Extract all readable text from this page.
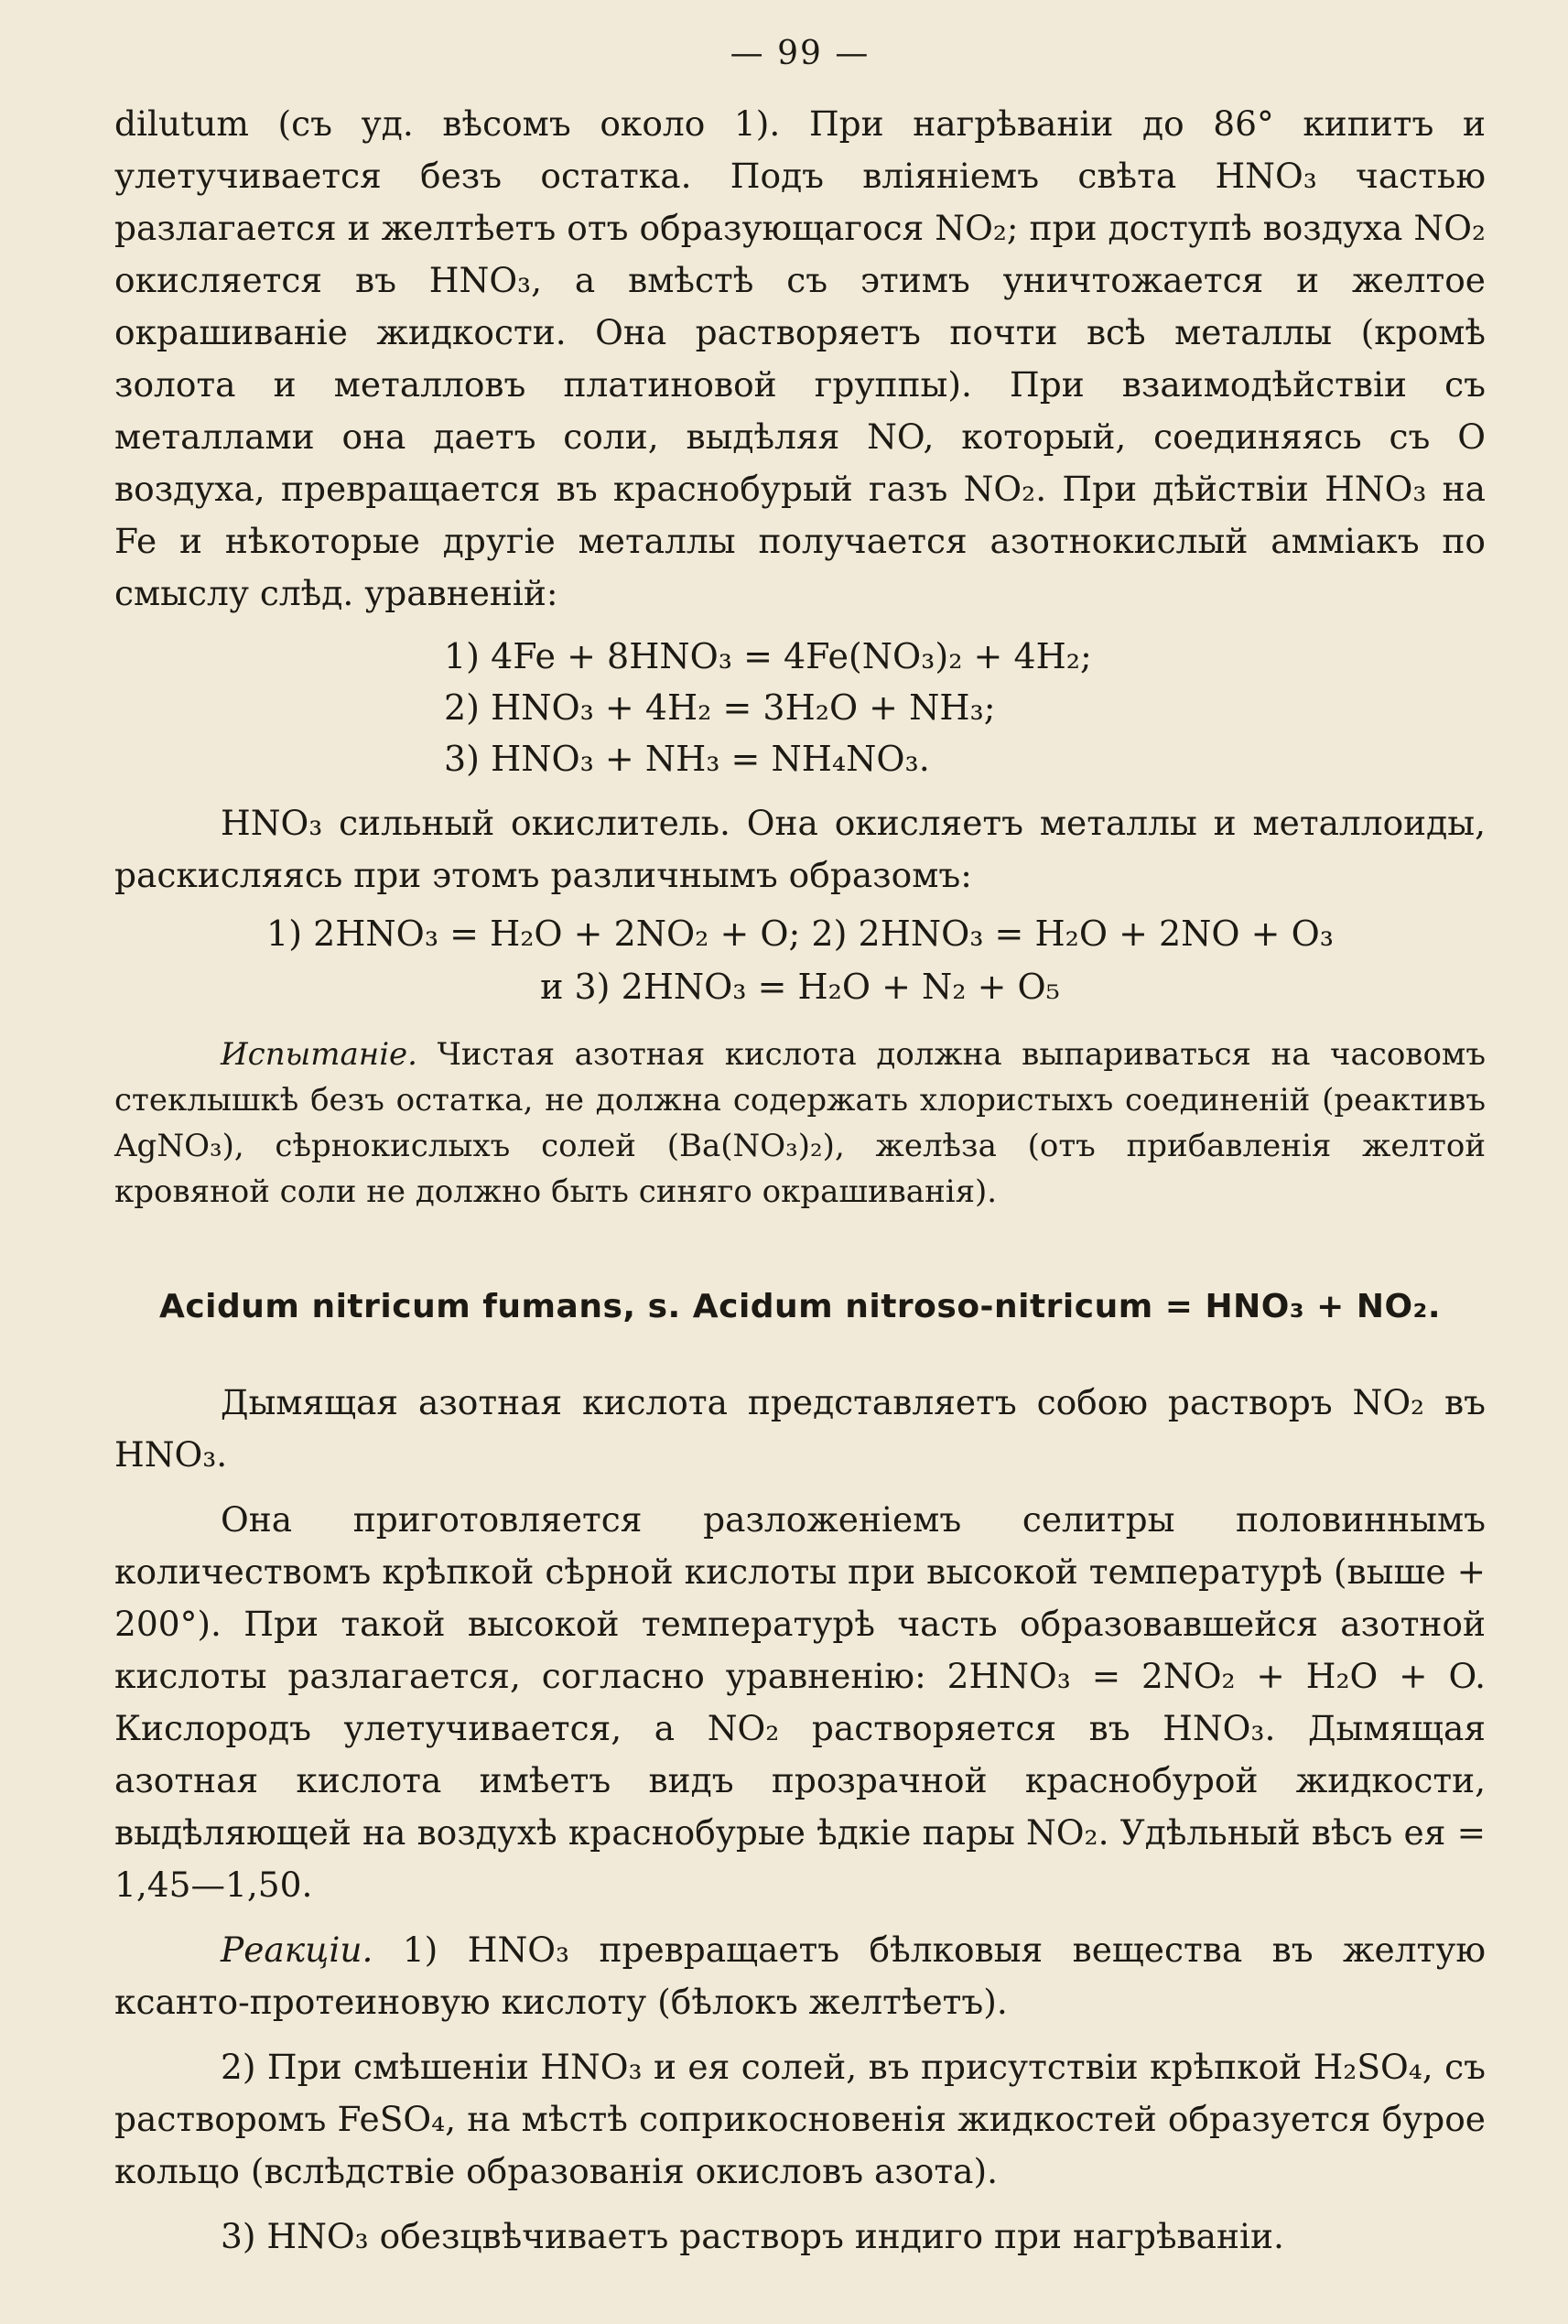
— 99 —

dilutum (съ уд. вѣсомъ около 1). При нагрѣваніи до 86° кипитъ и улетучивается безъ остатка. Подъ вліяніемъ свѣта HNO₃ частью разлагается и желтѣетъ отъ образующагося NO₂; при доступѣ воздуха NO₂ окисляется въ HNO₃, а вмѣстѣ съ этимъ уничтожается и желтое окрашиваніе жидкости. Она растворяетъ почти всѣ металлы (кромѣ золота и металловъ платиновой группы). При взаимодѣйствіи съ металлами она даетъ соли, выдѣляя NO, который, соединяясь съ О воздуха, превращается въ краснобурый газъ NO₂. При дѣйствіи HNO₃ на Fe и нѣкоторые другіе металлы получается азотнокислый амміакъ по смыслу слѣд. уравненій:

1) 4Fe + 8HNO₃ = 4Fe(NO₃)₂ + 4H₂;
2) HNO₃ + 4H₂ = 3H₂O + NH₃;
3) HNO₃ + NH₃ = NH₄NO₃.

HNO₃ сильный окислитель. Она окисляетъ металлы и металлоиды, раскисляясь при этомъ различнымъ образомъ:

1) 2HNO₃ = H₂O + 2NO₂ + O; 2) 2HNO₃ = H₂O + 2NO + O₃
и 3) 2HNO₃ = H₂O + N₂ + O₅

Испытаніе. Чистая азотная кислота должна выпариваться на часовомъ стеклышкѣ безъ остатка, не должна содержать хлористыхъ соединеній (реактивъ AgNO₃), сѣрнокислыхъ солей (Ba(NO₃)₂), желѣза (отъ прибавленія желтой кровяной соли не должно быть синяго окрашиванія).

Acidum nitricum fumans, s. Acidum nitroso-nitricum = HNO₃ + NO₂.

Дымящая азотная кислота представляетъ собою растворъ NO₂ въ HNO₃.

Она приготовляется разложеніемъ селитры половиннымъ количествомъ крѣпкой сѣрной кислоты при высокой температурѣ (выше + 200°). При такой высокой температурѣ часть образовавшейся азотной кислоты разлагается, согласно уравненію: 2HNO₃ = 2NO₂ + H₂O + O. Кислородъ улетучивается, а NO₂ растворяется въ HNO₃. Дымящая азотная кислота имѣетъ видъ прозрачной краснобурой жидкости, выдѣляющей на воздухѣ краснобурые ѣдкіе пары NO₂. Удѣльный вѣсъ ея = 1,45—1,50.

Реакціи. 1) HNO₃ превращаетъ бѣлковыя вещества въ желтую ксанто-протеиновую кислоту (бѣлокъ желтѣетъ).

2) При смѣшеніи HNO₃ и ея солей, въ присутствіи крѣпкой H₂SO₄, съ растворомъ FeSO₄, на мѣстѣ соприкосновенія жидкостей образуется бурое кольцо (вслѣдствіе образованія окисловъ азота).

3) HNO₃ обезцвѣчиваетъ растворъ индиго при нагрѣваніи.
